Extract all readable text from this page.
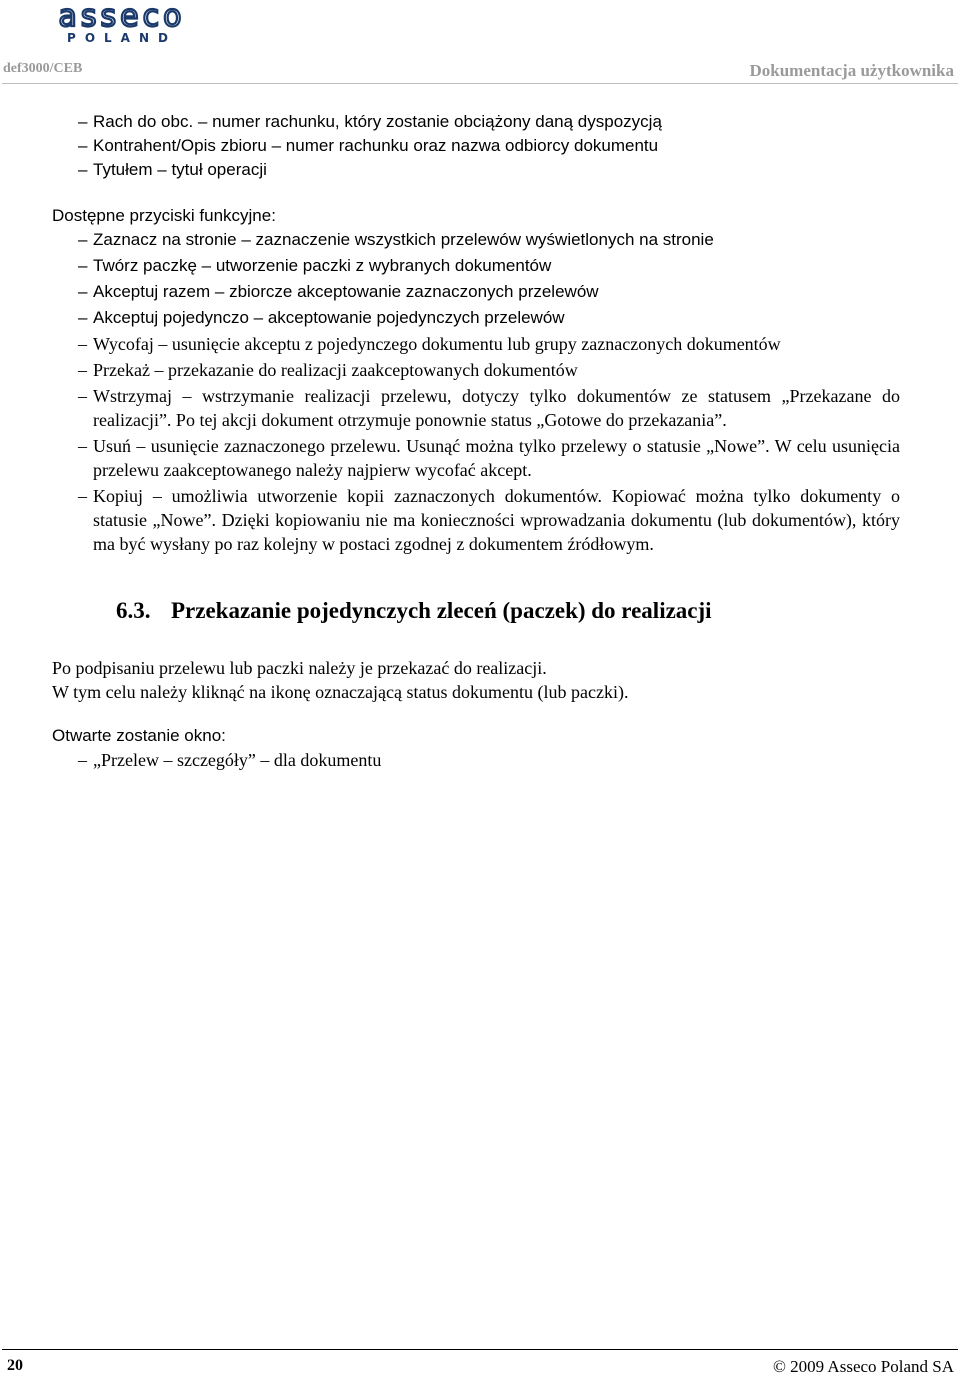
asseco
POLAND
def3000/CEB	Dokumentacja użytkownika
– Rach do obc. – numer rachunku, który zostanie obciążony daną dyspozycją
– Kontrahent/Opis zbioru – numer rachunku oraz nazwa odbiorcy dokumentu
– Tytułem – tytuł operacji
Dostępne przyciski funkcyjne:
– Zaznacz na stronie – zaznaczenie wszystkich przelewów wyświetlonych na stronie
– Twórz paczkę – utworzenie paczki z wybranych dokumentów
– Akceptuj razem – zbiorcze akceptowanie zaznaczonych przelewów
– Akceptuj pojedynczo – akceptowanie pojedynczych przelewów
– Wycofaj – usunięcie akceptu z pojedynczego dokumentu lub grupy zaznaczonych dokumentów
– Przekaż – przekazanie do realizacji zaakceptowanych dokumentów
– Wstrzymaj – wstrzymanie realizacji przelewu, dotyczy tylko dokumentów ze statusem „Przekazane do realizacji”. Po tej akcji dokument otrzymuje ponownie status „Gotowe do przekazania”.
– Usuń – usunięcie zaznaczonego przelewu. Usunąć można tylko przelewy o statusie „Nowe”. W celu usunięcia przelewu zaakceptowanego należy najpierw wycofać akcept.
– Kopiuj – umożliwia utworzenie kopii zaznaczonych dokumentów. Kopiować można tylko dokumenty o statusie „Nowe”. Dzięki kopiowaniu nie ma konieczności wprowadzania dokumentu (lub dokumentów), który ma być wysłany po raz kolejny w postaci zgodnej z dokumentem źródłowym.
6.3. Przekazanie pojedynczych zleceń (paczek) do realizacji
Po podpisaniu przelewu lub paczki należy je przekazać do realizacji.
W tym celu należy kliknąć na ikonę oznaczającą status dokumentu (lub paczki).
Otwarte zostanie okno:
– „Przelew – szczegóły” – dla dokumentu
20	© 2009 Asseco Poland SA
